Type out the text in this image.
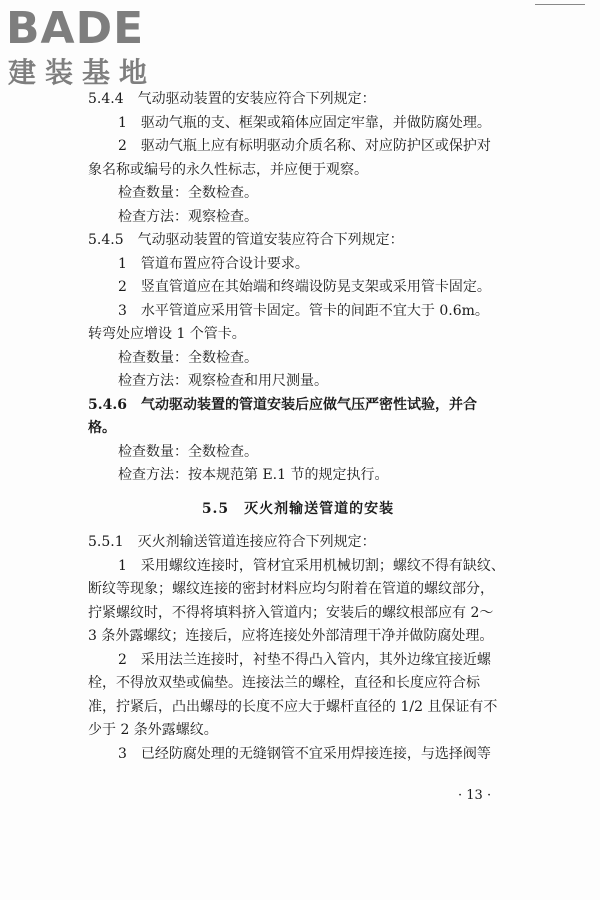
BADE
建装基地
5.4.4　气动驱动装置的安装应符合下列规定：
1　驱动气瓶的支、框架或箱体应固定牢靠，并做防腐处理。
2　驱动气瓶上应有标明驱动介质名称、对应防护区或保护对
象名称或编号的永久性标志，并应便于观察。
检查数量：全数检查。
检查方法：观察检查。
5.4.5　气动驱动装置的管道安装应符合下列规定：
1　管道布置应符合设计要求。
2　竖直管道应在其始端和终端设防晃支架或采用管卡固定。
3　水平管道应采用管卡固定。管卡的间距不宜大于 0.6m。
转弯处应增设 1 个管卡。
检查数量：全数检查。
检查方法：观察检查和用尺测量。
5.4.6　气动驱动装置的管道安装后应做气压严密性试验，并合
格。
检查数量：全数检查。
检查方法：按本规范第 E.1 节的规定执行。
5.5　灭火剂输送管道的安装
5.5.1　灭火剂输送管道连接应符合下列规定：
1　采用螺纹连接时，管材宜采用机械切割；螺纹不得有缺纹、
断纹等现象；螺纹连接的密封材料应均匀附着在管道的螺纹部分，
拧紧螺纹时，不得将填料挤入管道内；安装后的螺纹根部应有 2～
3 条外露螺纹；连接后，应将连接处外部清理干净并做防腐处理。
2　采用法兰连接时，衬垫不得凸入管内，其外边缘宜接近螺
栓，不得放双垫或偏垫。连接法兰的螺栓，直径和长度应符合标
准，拧紧后，凸出螺母的长度不应大于螺杆直径的 1/2 且保证有不
少于 2 条外露螺纹。
3　已经防腐处理的无缝钢管不宜采用焊接连接，与选择阀等
· 13 ·
